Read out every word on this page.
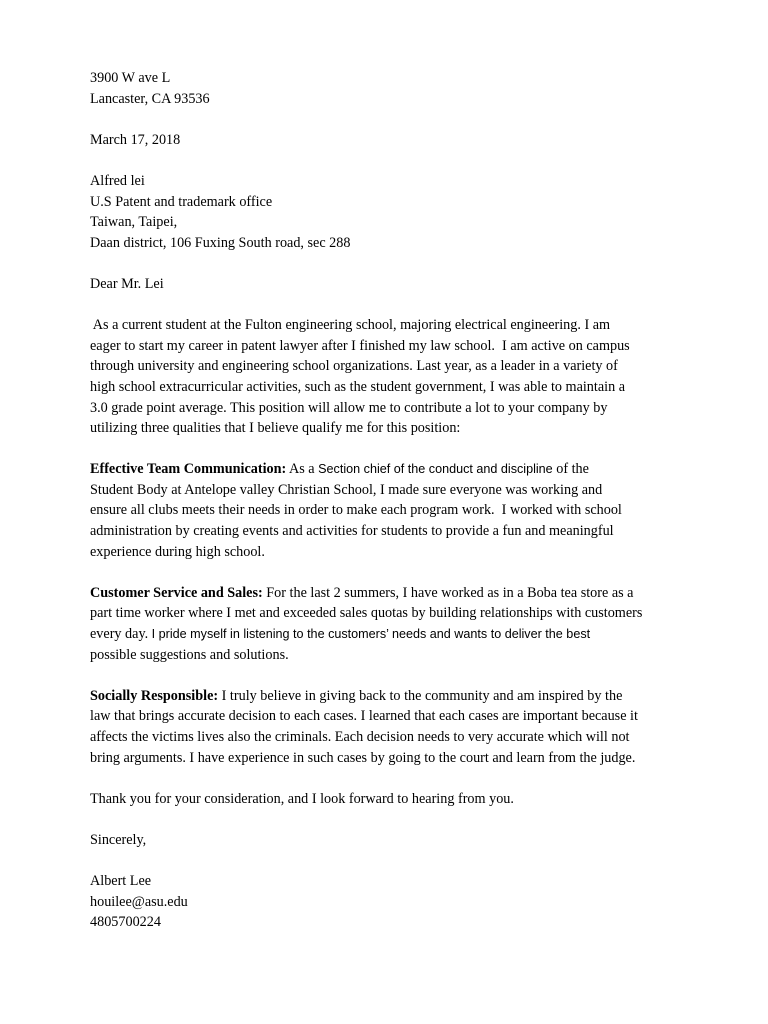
3900 W ave L
Lancaster, CA 93536
March 17, 2018
Alfred lei
U.S Patent and trademark office
Taiwan, Taipei,
Daan district, 106 Fuxing South road, sec 288
Dear Mr. Lei
As a current student at the Fulton engineering school, majoring electrical engineering. I am
eager to start my career in patent lawyer after I finished my law school.  I am active on campus
through university and engineering school organizations. Last year, as a leader in a variety of
high school extracurricular activities, such as the student government, I was able to maintain a
3.0 grade point average. This position will allow me to contribute a lot to your company by
utilizing three qualities that I believe qualify me for this position:
Effective Team Communication: As a Section chief of the conduct and discipline of the
Student Body at Antelope valley Christian School, I made sure everyone was working and
ensure all clubs meets their needs in order to make each program work.  I worked with school
administration by creating events and activities for students to provide a fun and meaningful
experience during high school.
Customer Service and Sales: For the last 2 summers, I have worked as in a Boba tea store as a
part time worker where I met and exceeded sales quotas by building relationships with customers
every day. I pride myself in listening to the customers’ needs and wants to deliver the best
possible suggestions and solutions.
Socially Responsible: I truly believe in giving back to the community and am inspired by the
law that brings accurate decision to each cases. I learned that each cases are important because it
affects the victims lives also the criminals. Each decision needs to very accurate which will not
bring arguments. I have experience in such cases by going to the court and learn from the judge.
Thank you for your consideration, and I look forward to hearing from you.
Sincerely,
Albert Lee
houilee@asu.edu
4805700224
